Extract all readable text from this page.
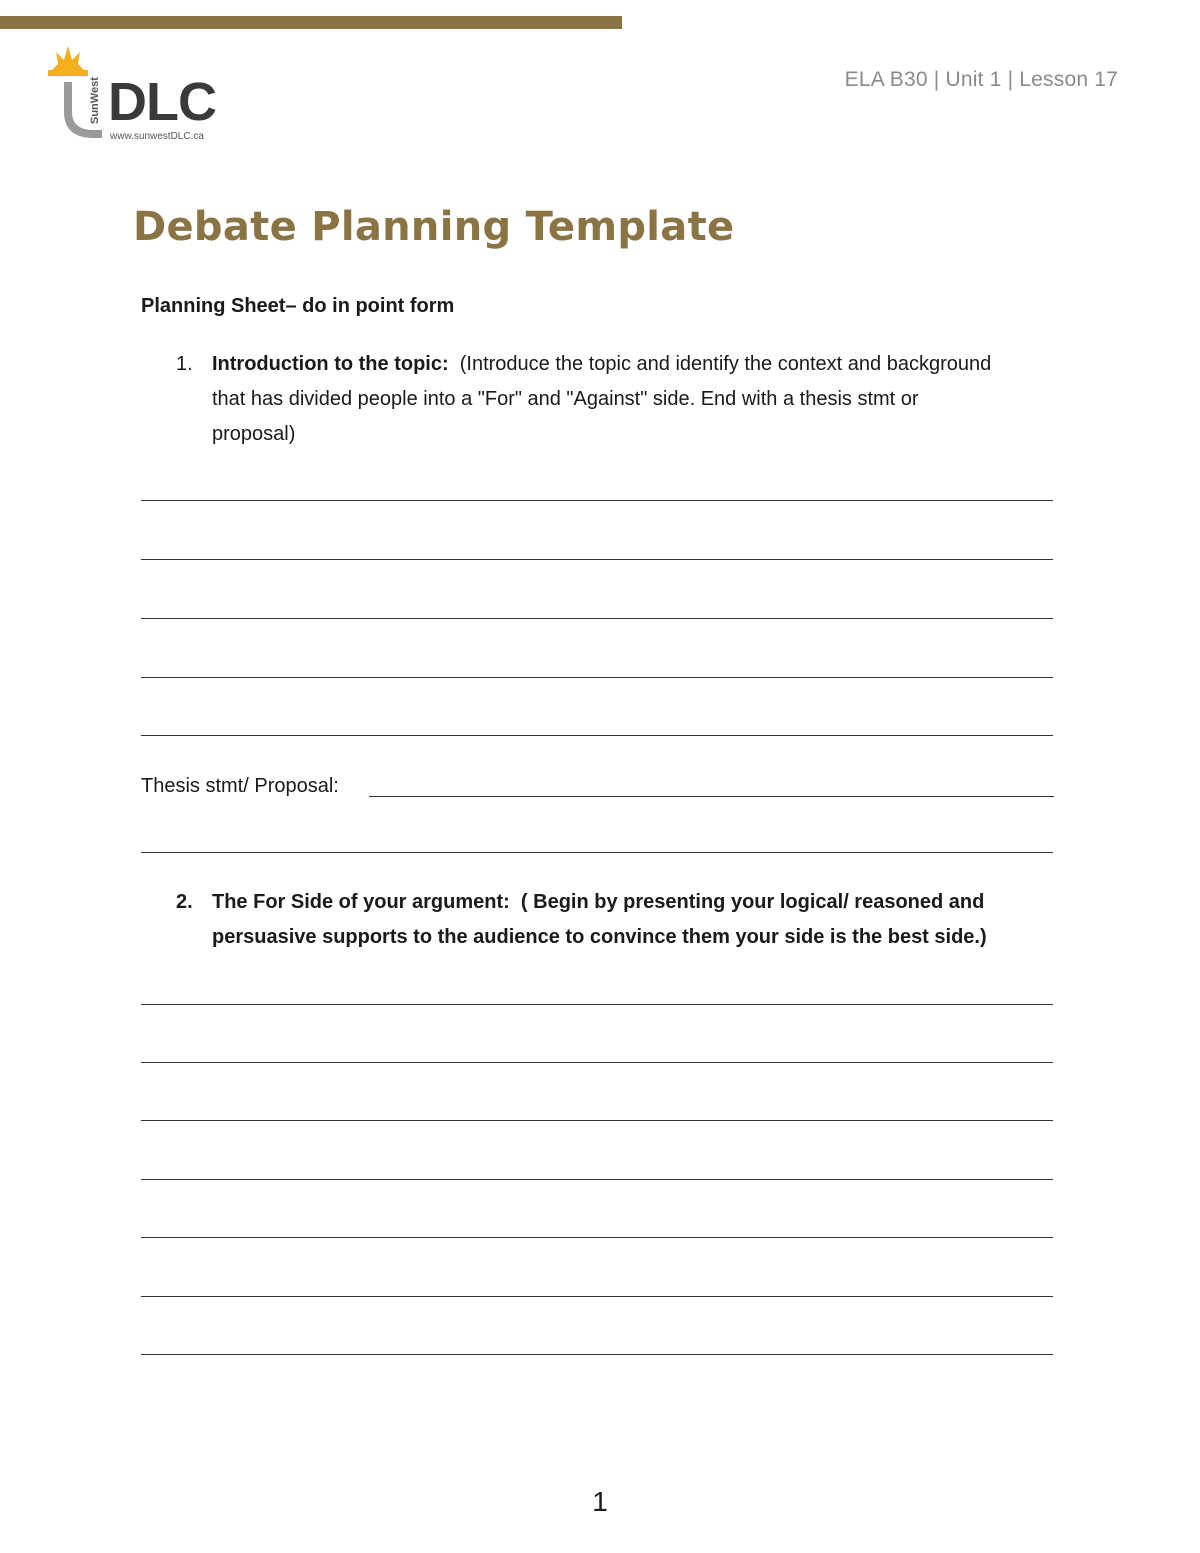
SunWest DLC
www.sunwestDLC.ca
ELA B30 | Unit 1 | Lesson 17
Debate Planning Template
Planning Sheet– do in point form
1. Introduction to the topic: (Introduce the topic and identify the context and background
that has divided people into a "For" and "Against" side. End with a thesis stmt or
proposal)
Thesis stmt/ Proposal:
2. The For Side of your argument: ( Begin by presenting your logical/ reasoned and
persuasive supports to the audience to convince them your side is the best side.)
1
